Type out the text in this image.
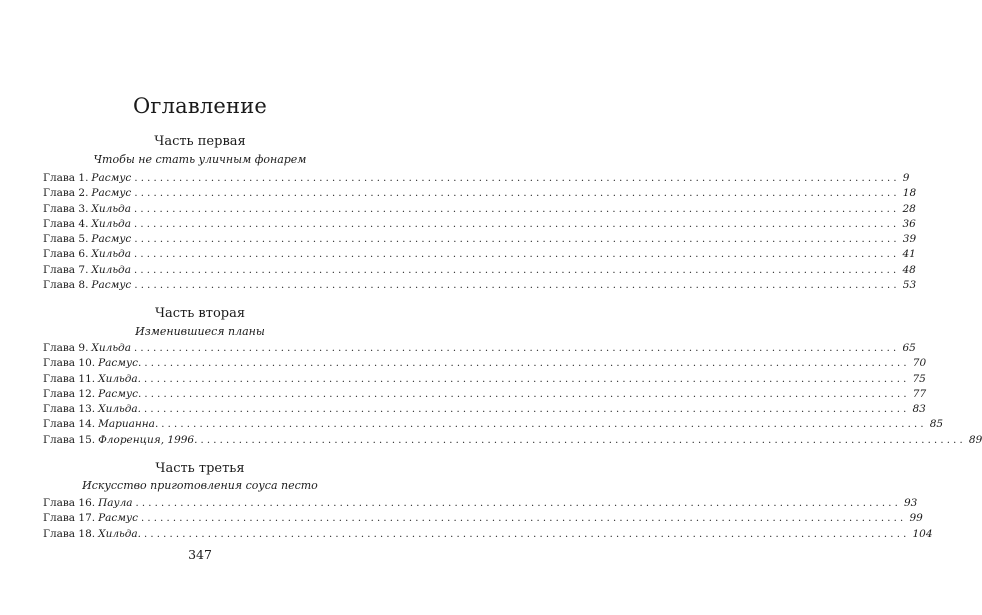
Оглавление
Часть первая
Чтобы не стать уличным фонарем
Глава 1. Расмус ........................................................................................................................ 9
Глава 2. Расмус ........................................................................................................................ 18
Глава 3. Хильда ........................................................................................................................ 28
Глава 4. Хильда ........................................................................................................................ 36
Глава 5. Расмус ........................................................................................................................ 39
Глава 6. Хильда ........................................................................................................................ 41
Глава 7. Хильда ........................................................................................................................ 48
Глава 8. Расмус ........................................................................................................................ 53
Часть вторая
Изменившиеся планы
Глава 9. Хильда ........................................................................................................................ 65
Глава 10. Расмус. ........................................................................................................................ 70
Глава 11. Хильда. ........................................................................................................................ 75
Глава 12. Расмус. ........................................................................................................................ 77
Глава 13. Хильда. ........................................................................................................................ 83
Глава 14. Марианна. ........................................................................................................................ 85
Глава 15. Флоренция, 1996. ........................................................................................................................ 89
Часть третья
Искусство приготовления соуса песто
Глава 16. Паула ........................................................................................................................ 93
Глава 17. Расмус ........................................................................................................................ 99
Глава 18. Хильда. ........................................................................................................................ 104
347
